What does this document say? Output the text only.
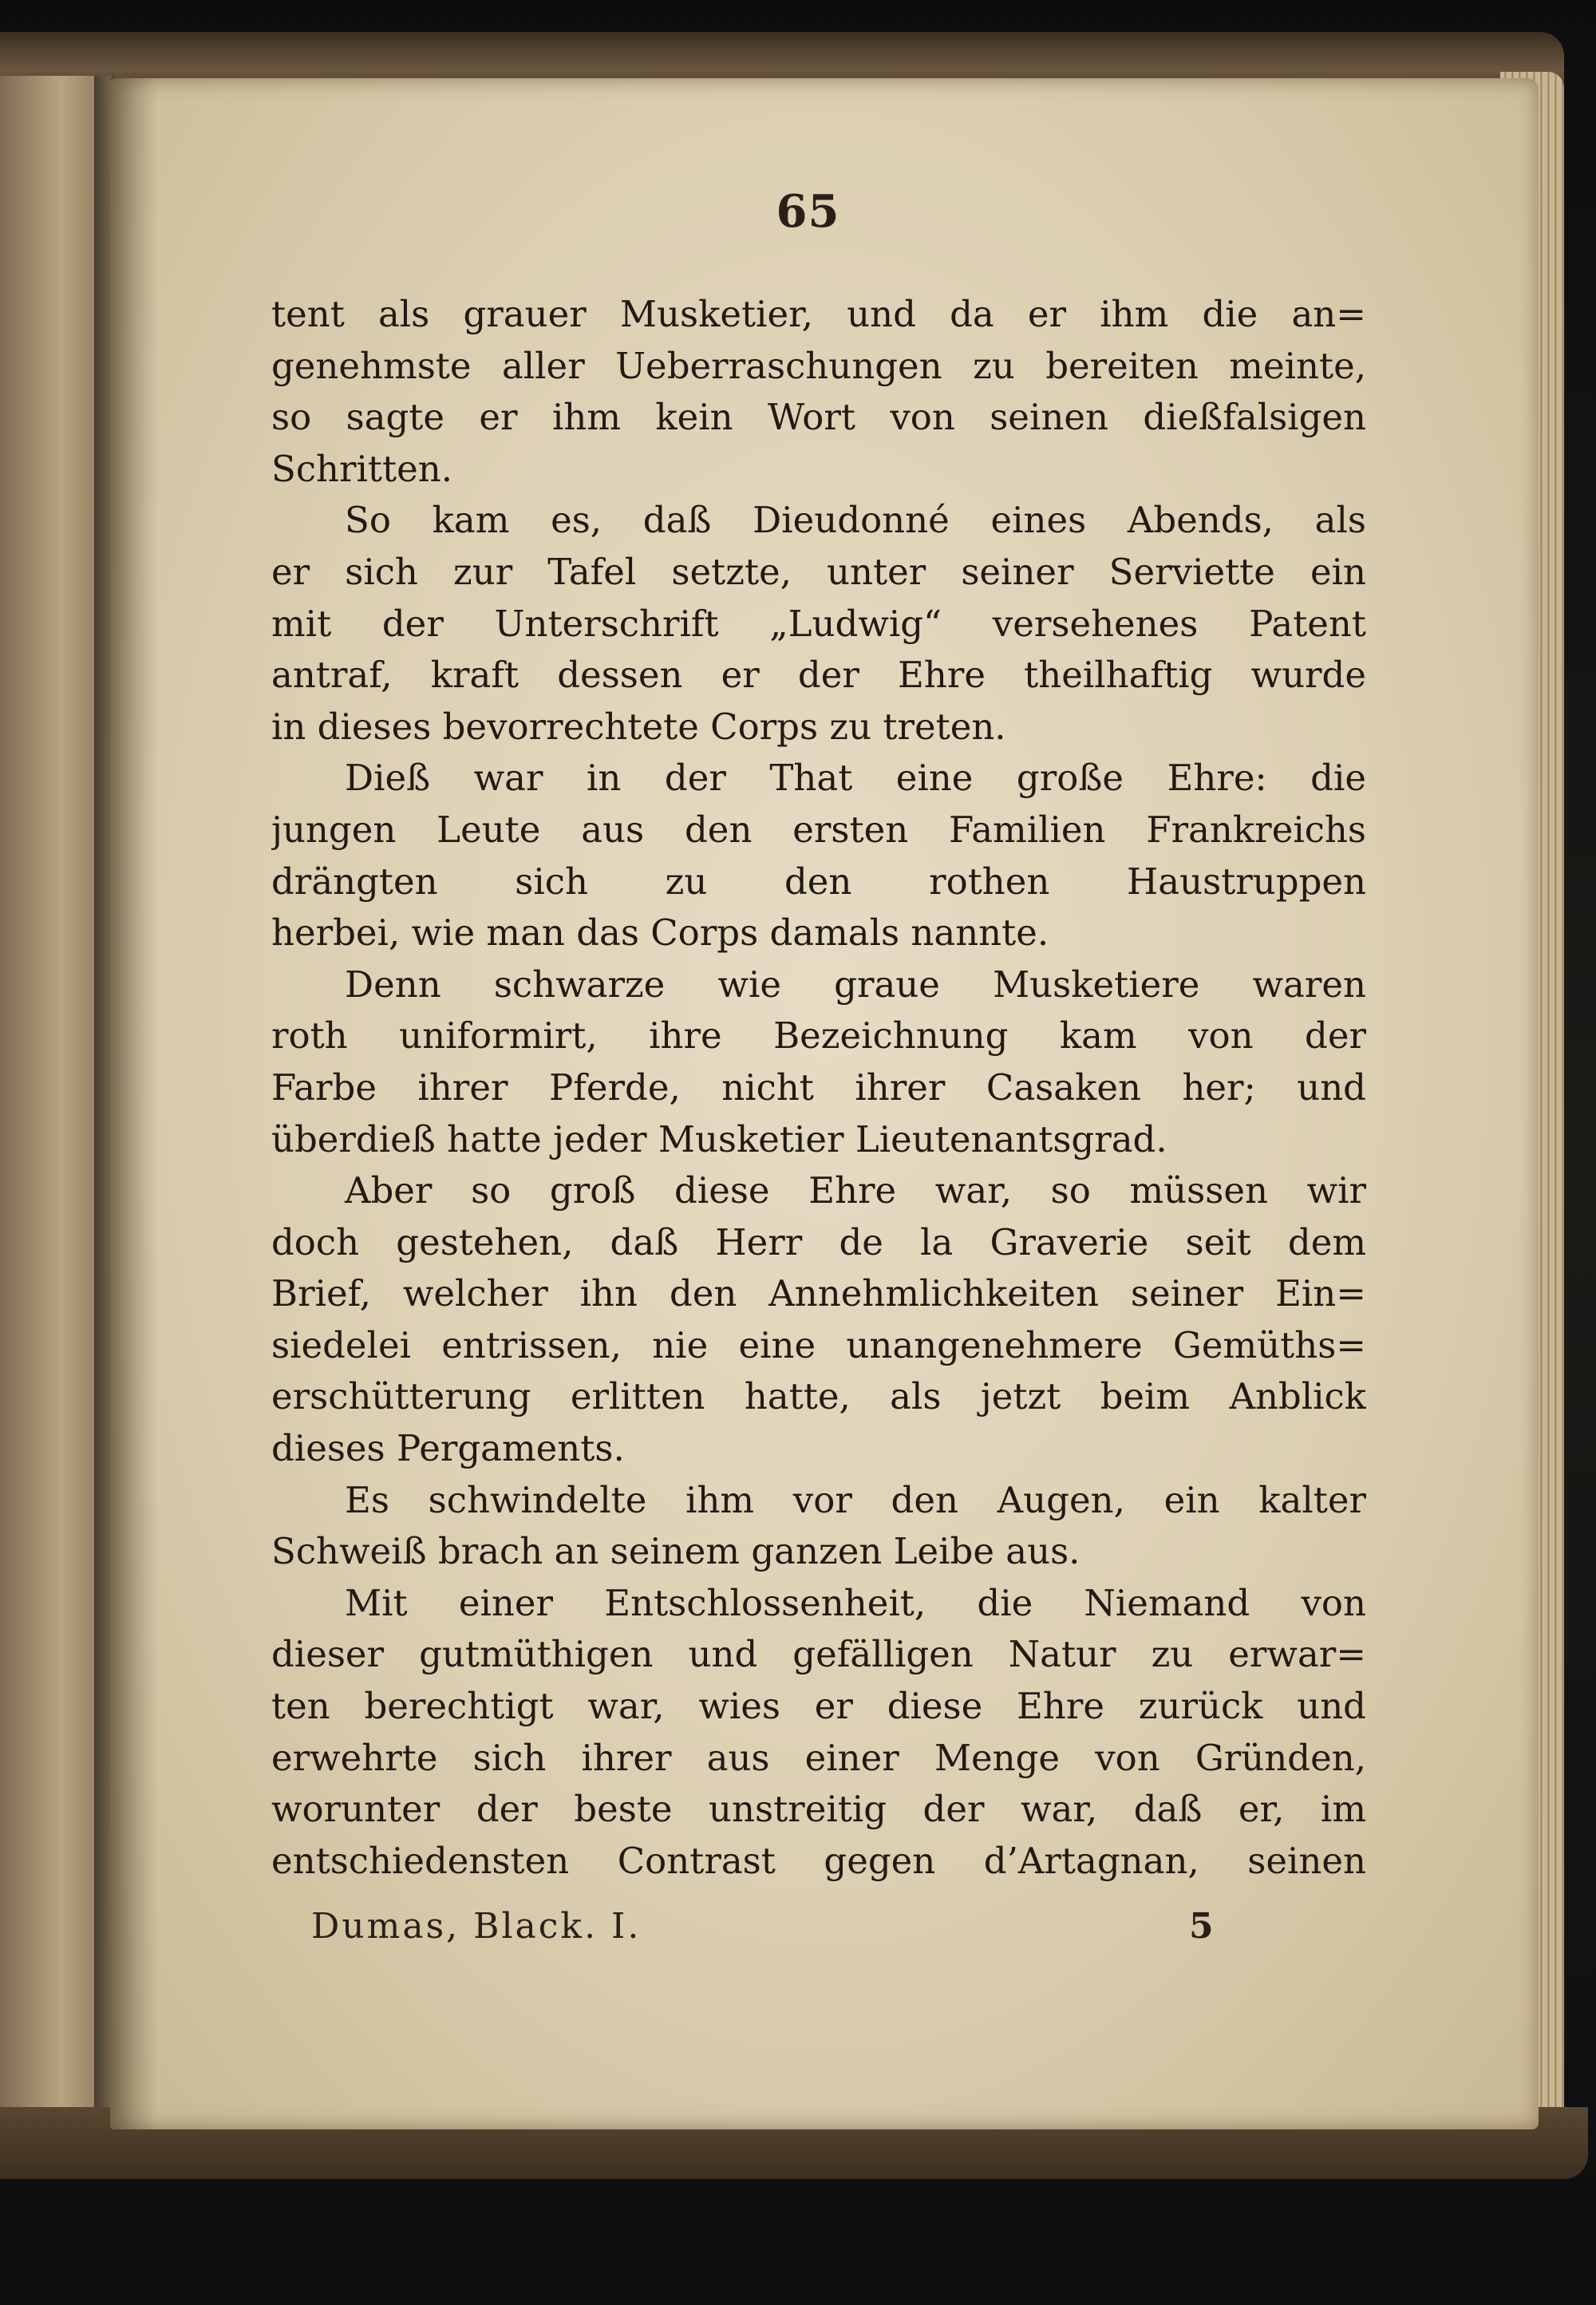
65
tent als grauer Musketier, und da er ihm die an=
genehmste aller Ueberraschungen zu bereiten meinte,
so sagte er ihm kein Wort von seinen dießfalsigen
Schritten.
So kam es, daß Dieudonné eines Abends, als
er sich zur Tafel setzte, unter seiner Serviette ein
mit der Unterschrift „Ludwig“ versehenes Patent
antraf, kraft dessen er der Ehre theilhaftig wurde
in dieses bevorrechtete Corps zu treten.
Dieß war in der That eine große Ehre: die
jungen Leute aus den ersten Familien Frankreichs
drängten sich zu den rothen Haustruppen
herbei, wie man das Corps damals nannte.
Denn schwarze wie graue Musketiere waren
roth uniformirt, ihre Bezeichnung kam von der
Farbe ihrer Pferde, nicht ihrer Casaken her; und
überdieß hatte jeder Musketier Lieutenantsgrad.
Aber so groß diese Ehre war, so müssen wir
doch gestehen, daß Herr de la Graverie seit dem
Brief, welcher ihn den Annehmlichkeiten seiner Ein=
siedelei entrissen, nie eine unangenehmere Gemüths=
erschütterung erlitten hatte, als jetzt beim Anblick
dieses Pergaments.
Es schwindelte ihm vor den Augen, ein kalter
Schweiß brach an seinem ganzen Leibe aus.
Mit einer Entschlossenheit, die Niemand von
dieser gutmüthigen und gefälligen Natur zu erwar=
ten berechtigt war, wies er diese Ehre zurück und
erwehrte sich ihrer aus einer Menge von Gründen,
worunter der beste unstreitig der war, daß er, im
entschiedensten Contrast gegen d’Artagnan, seinen
Dumas, Black. I.	5
